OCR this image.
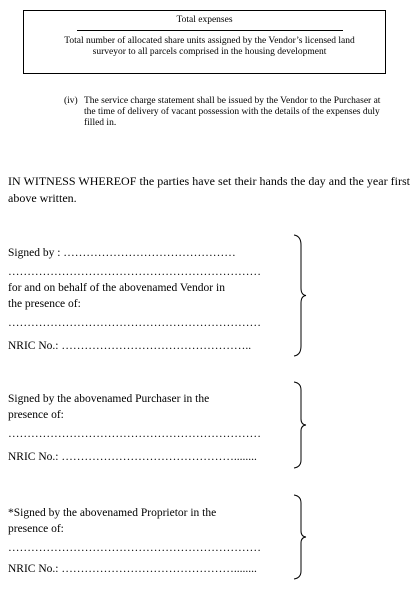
Total expenses
Total number of allocated share units assigned by the Vendor’s licensed land surveyor to all parcels comprised in the housing development
(iv) The service charge statement shall be issued by the Vendor to the Purchaser at the time of delivery of vacant possession with the details of the expenses duly filled in.
IN WITNESS WHEREOF the parties have set their hands the day and the year first above written.
Signed by : ………………………………………
…………………………………………………………
for and on behalf of the abovenamed Vendor in
the presence of:
…………………………………………………………
NRIC No.: …………………………………………..
Signed by the abovenamed Purchaser in the
presence of:
…………………………………………………………
NRIC No.: ………………………………………........
*Signed by the abovenamed Proprietor in the
presence of:
…………………………………………………………
NRIC No.: ………………………………………........
